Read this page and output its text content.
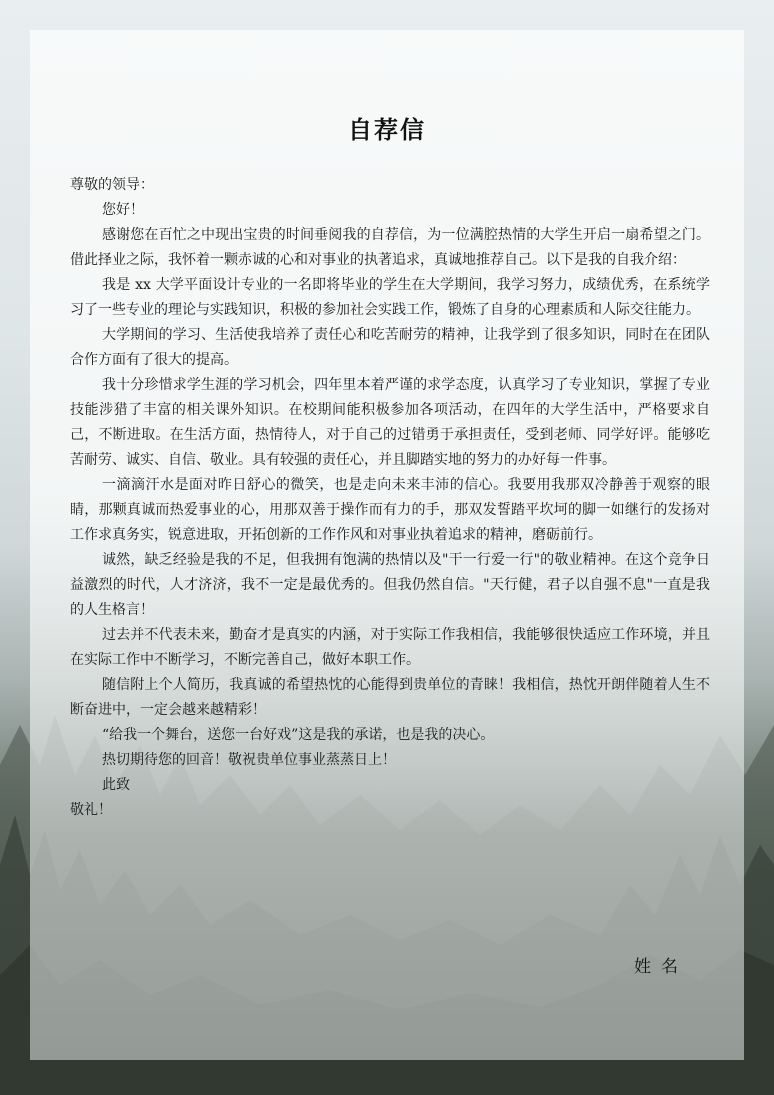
自荐信

尊敬的领导：

您好！

感谢您在百忙之中现出宝贵的时间垂阅我的自荐信，为一位满腔热情的大学生开启一扇希望之门。借此择业之际，我怀着一颗赤诚的心和对事业的执著追求，真诚地推荐自己。以下是我的自我介绍：

我是 xx 大学平面设计专业的一名即将毕业的学生在大学期间，我学习努力，成绩优秀，在系统学习了一些专业的理论与实践知识，积极的参加社会实践工作，锻炼了自身的心理素质和人际交往能力。

大学期间的学习、生活使我培养了责任心和吃苦耐劳的精神，让我学到了很多知识，同时在在团队合作方面有了很大的提高。

我十分珍惜求学生涯的学习机会，四年里本着严谨的求学态度，认真学习了专业知识，掌握了专业技能涉猎了丰富的相关课外知识。在校期间能积极参加各项活动，在四年的大学生活中，严格要求自己，不断进取。在生活方面，热情待人，对于自己的过错勇于承担责任，受到老师、同学好评。能够吃苦耐劳、诚实、自信、敬业。具有较强的责任心，并且脚踏实地的努力的办好每一件事。

一滴滴汗水是面对昨日舒心的微笑，也是走向未来丰沛的信心。我要用我那双冷静善于观察的眼睛，那颗真诚而热爱事业的心，用那双善于操作而有力的手，那双发誓踏平坎坷的脚一如继行的发扬对工作求真务实，锐意进取，开拓创新的工作作风和对事业执着追求的精神，磨砺前行。

诚然，缺乏经验是我的不足，但我拥有饱满的热情以及"干一行爱一行"的敬业精神。在这个竞争日益激烈的时代，人才济济，我不一定是最优秀的。但我仍然自信。"天行健，君子以自强不息"一直是我的人生格言！

过去并不代表未来，勤奋才是真实的内涵，对于实际工作我相信，我能够很快适应工作环境，并且在实际工作中不断学习，不断完善自己，做好本职工作。

随信附上个人简历，我真诚的希望热忱的心能得到贵单位的青睐！我相信，热忱开朗伴随着人生不断奋进中，一定会越来越精彩！

“给我一个舞台，送您一台好戏”这是我的承诺，也是我的决心。

热切期待您的回音！敬祝贵单位事业蒸蒸日上！

此致

敬礼！

姓名
